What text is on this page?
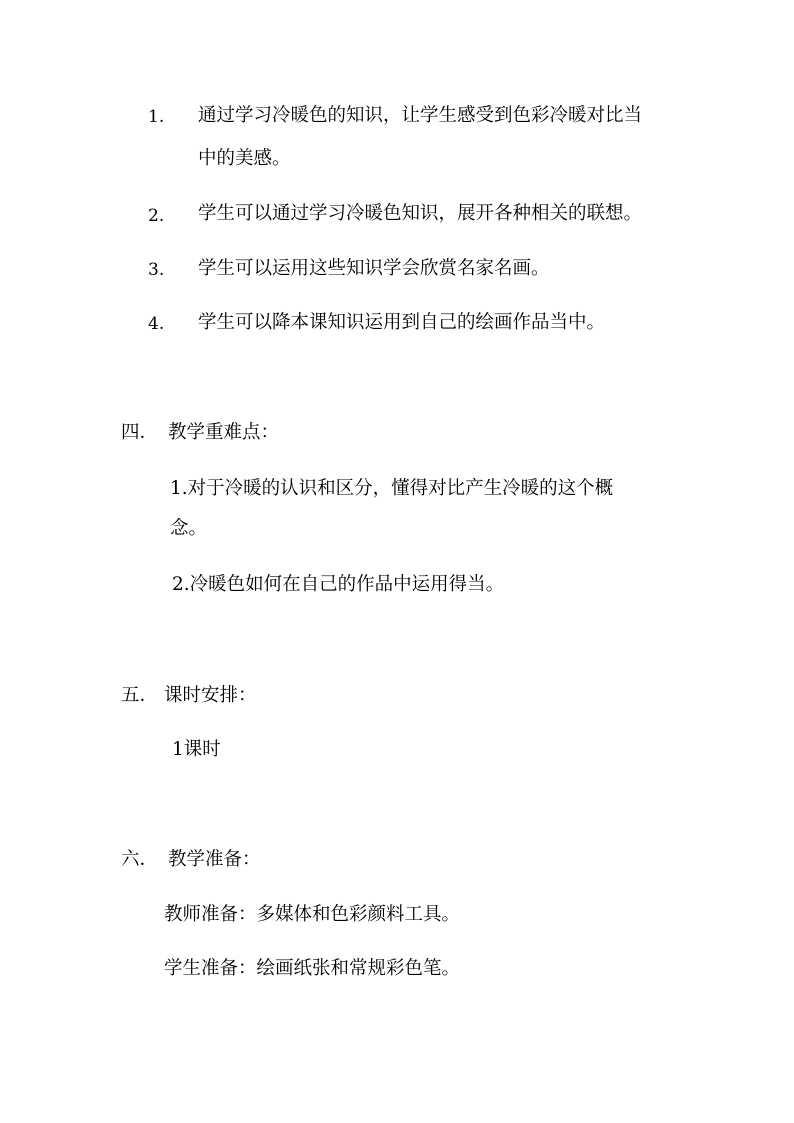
1. 通过学习冷暖色的知识，让学生感受到色彩冷暖对比当
中的美感。
2. 学生可以通过学习冷暖色知识，展开各种相关的联想。
3. 学生可以运用这些知识学会欣赏名家名画。
4. 学生可以降本课知识运用到自己的绘画作品当中。
四． 教学重难点：
1.对于冷暖的认识和区分，懂得对比产生冷暖的这个概
念。
2.冷暖色如何在自己的作品中运用得当。
五． 课时安排：
1课时
六． 教学准备：
教师准备：多媒体和色彩颜料工具。
学生准备：绘画纸张和常规彩色笔。
